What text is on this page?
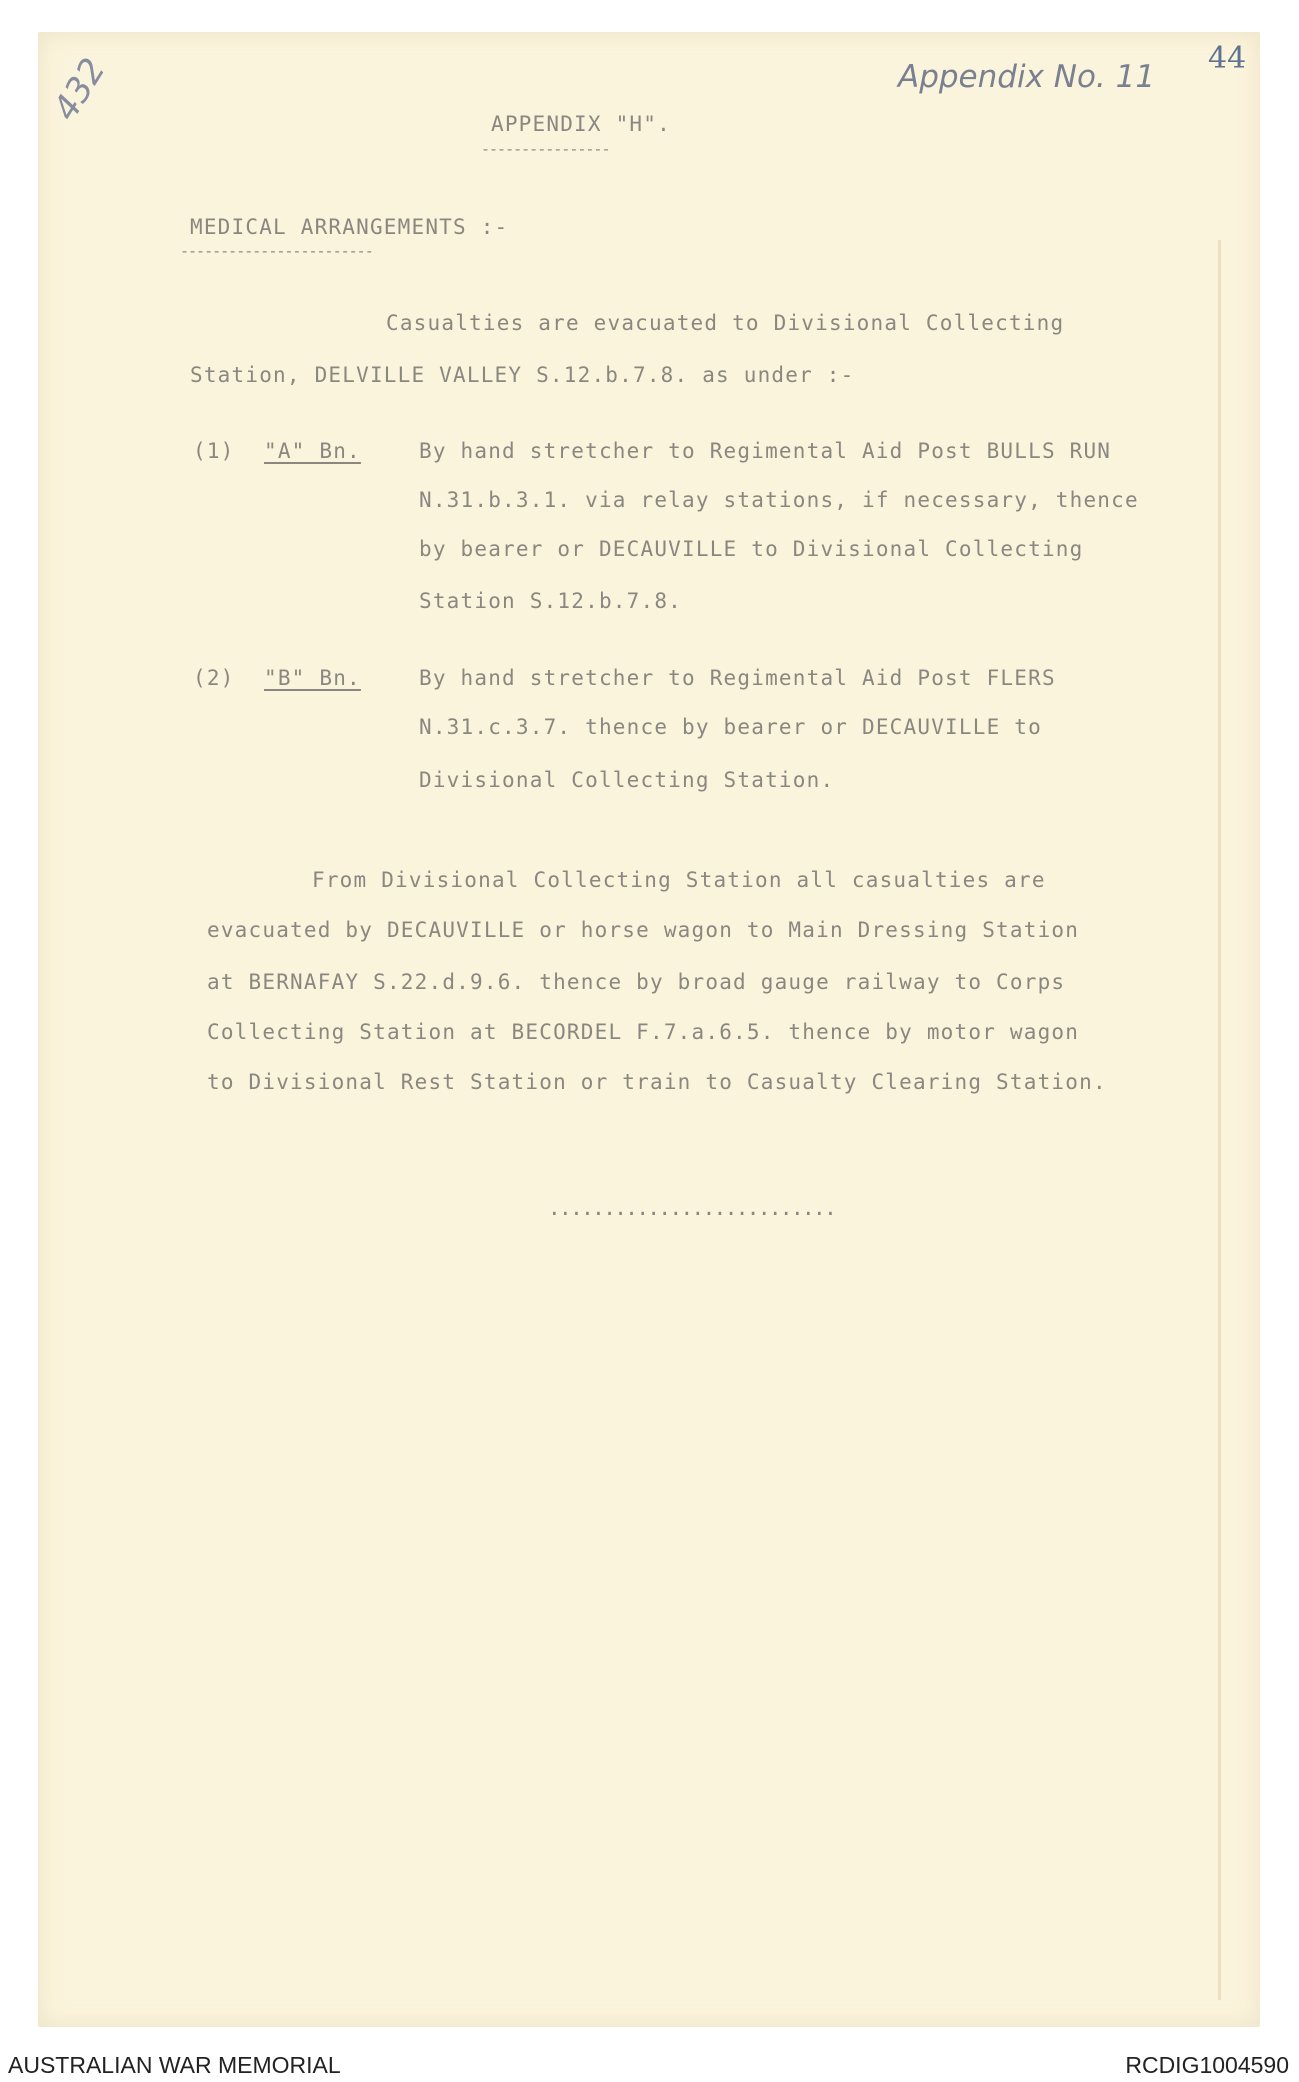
432	Appendix No. 11
44
APPENDIX "H".
----------------
MEDICAL ARRANGEMENTS :-
------------------------
Casualties are evacuated to Divisional Collecting
Station, DELVILLE VALLEY S.12.b.7.8. as under :-
(1) "A" Bn.	By hand stretcher to Regimental Aid Post BULLS RUN
N.31.b.3.1. via relay stations, if necessary, thence
by bearer or DECAUVILLE to Divisional Collecting
Station S.12.b.7.8.
(2) "B" Bn.	By hand stretcher to Regimental Aid Post FLERS
N.31.c.3.7. thence by bearer or DECAUVILLE to
Divisional Collecting Station.
From Divisional Collecting Station all casualties are
evacuated by DECAUVILLE or horse wagon to Main Dressing Station
at BERNAFAY S.22.d.9.6. thence by broad gauge railway to Corps
Collecting Station at BECORDEL F.7.a.6.5. thence by motor wagon
to Divisional Rest Station or train to Casualty Clearing Station.
..........................
AUSTRALIAN WAR MEMORIAL	RCDIG1004590
